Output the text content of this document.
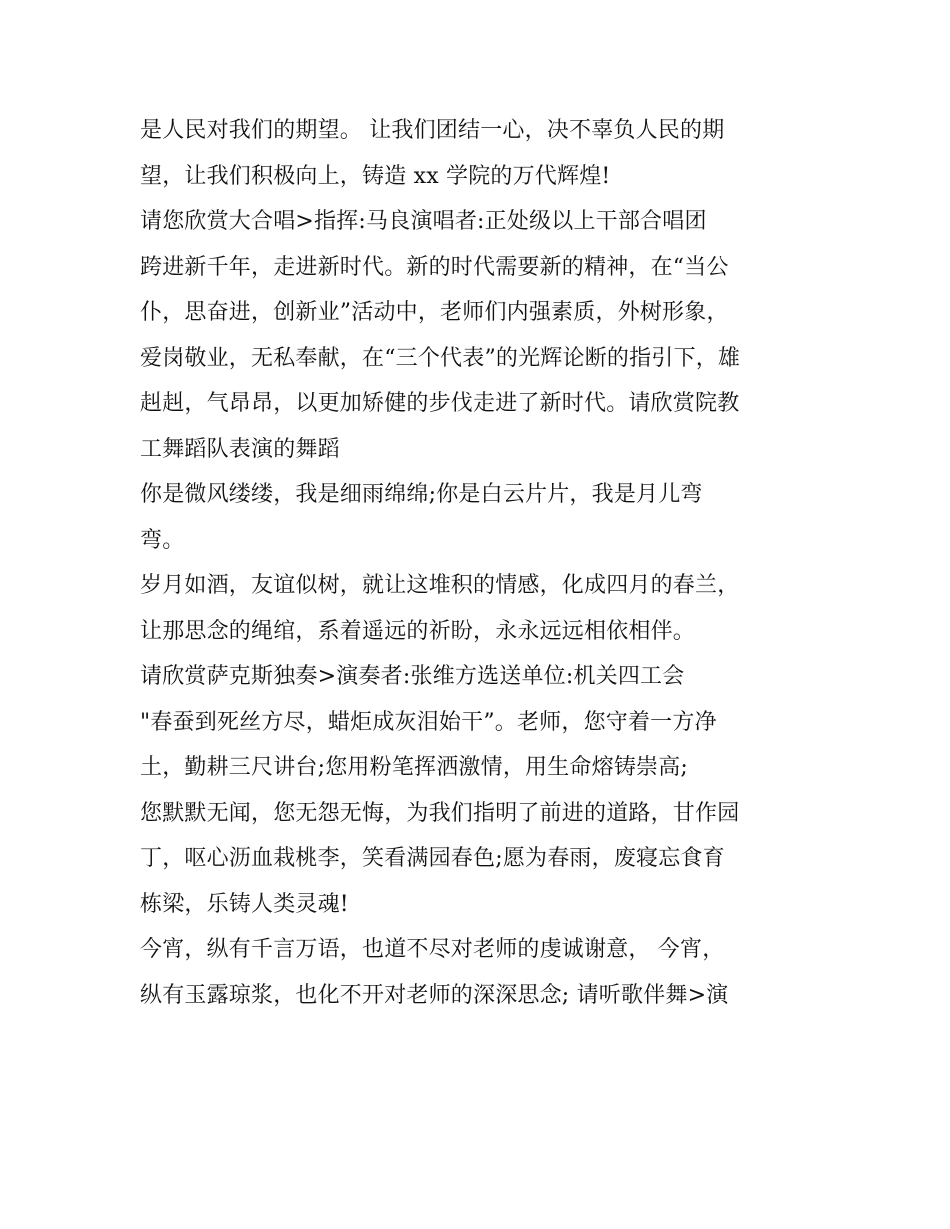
是人民对我们的期望。 让我们团结一心，决不辜负人民的期
望，让我们积极向上，铸造 xx 学院的万代辉煌!
请您欣赏大合唱>指挥:马良演唱者:正处级以上干部合唱团
跨进新千年，走进新时代。新的时代需要新的精神，在“当公
仆，思奋进，创新业”活动中，老师们内强素质，外树形象，
爱岗敬业，无私奉献，在“三个代表”的光辉论断的指引下，雄
赳赳，气昂昂，以更加矫健的步伐走进了新时代。请欣赏院教
工舞蹈队表演的舞蹈
你是微风缕缕，我是细雨绵绵;你是白云片片，我是月儿弯
弯。
岁月如酒，友谊似树，就让这堆积的情感，化成四月的春兰，
让那思念的绳绾，系着遥远的祈盼，永永远远相依相伴。
请欣赏萨克斯独奏>演奏者:张维方选送单位:机关四工会
"春蚕到死丝方尽，蜡炬成灰泪始干”。老师，您守着一方净
土，勤耕三尺讲台;您用粉笔挥洒激情，用生命熔铸崇高;
您默默无闻，您无怨无悔，为我们指明了前进的道路，甘作园
丁，呕心沥血栽桃李，笑看满园春色;愿为春雨，废寝忘食育
栋梁，乐铸人类灵魂!
今宵，纵有千言万语，也道不尽对老师的虔诚谢意， 今宵，
纵有玉露琼浆，也化不开对老师的深深思念; 请听歌伴舞>演
